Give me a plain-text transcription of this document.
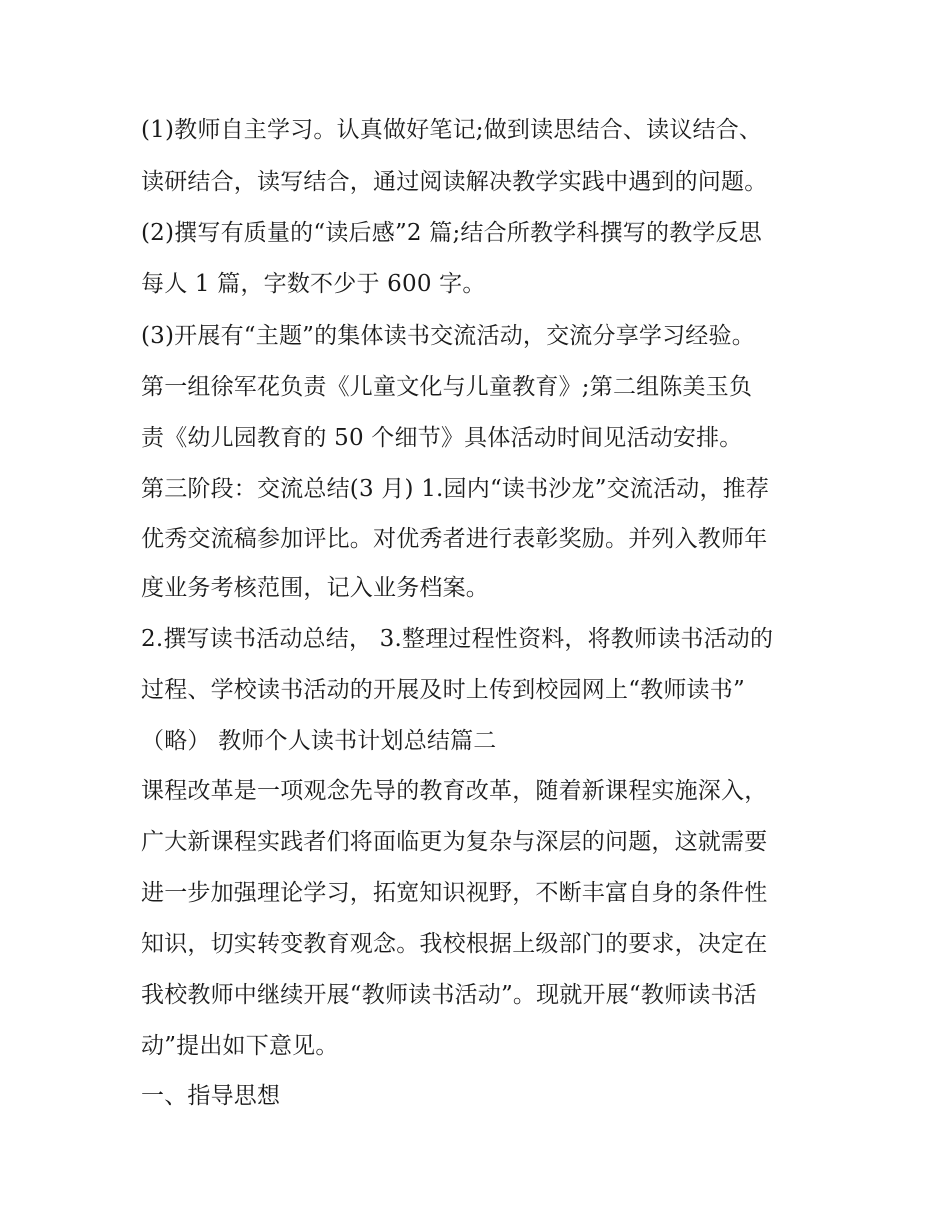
(1)教师自主学习。认真做好笔记;做到读思结合、读议结合、
读研结合，读写结合，通过阅读解决教学实践中遇到的问题。
(2)撰写有质量的“读后感”2 篇;结合所教学科撰写的教学反思
每人 1 篇，字数不少于 600 字。
(3)开展有“主题”的集体读书交流活动，交流分享学习经验。
第一组徐军花负责《儿童文化与儿童教育》;第二组陈美玉负
责《幼儿园教育的 50 个细节》具体活动时间见活动安排。
第三阶段：交流总结(3 月) 1.园内“读书沙龙”交流活动，推荐
优秀交流稿参加评比。对优秀者进行表彰奖励。并列入教师年
度业务考核范围，记入业务档案。
2.撰写读书活动总结， 3.整理过程性资料，将教师读书活动的
过程、学校读书活动的开展及时上传到校园网上“教师读书”
（略） 教师个人读书计划总结篇二
课程改革是一项观念先导的教育改革，随着新课程实施深入，
广大新课程实践者们将面临更为复杂与深层的问题，这就需要
进一步加强理论学习，拓宽知识视野，不断丰富自身的条件性
知识，切实转变教育观念。我校根据上级部门的要求，决定在
我校教师中继续开展“教师读书活动”。现就开展“教师读书活
动”提出如下意见。
一、指导思想
